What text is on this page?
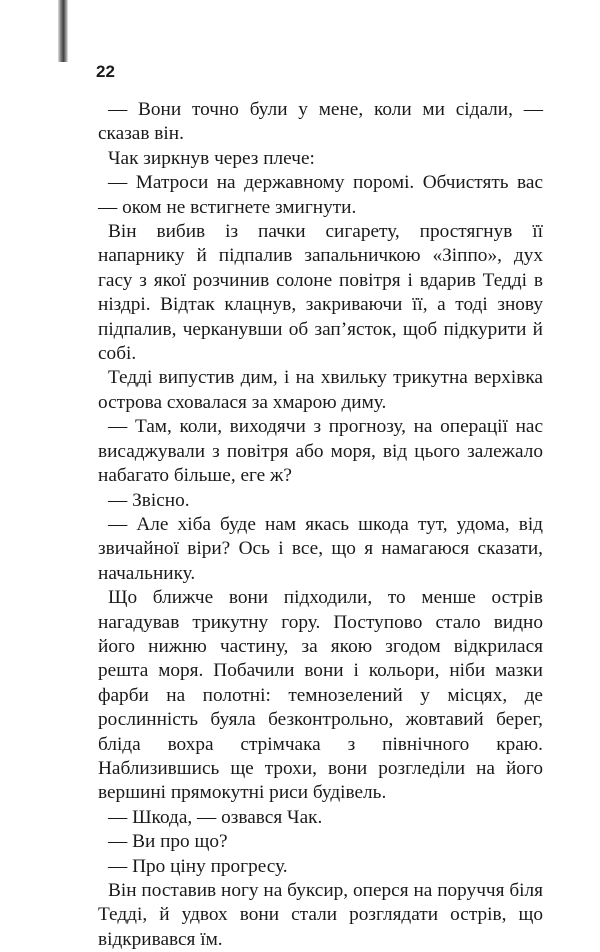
22

— Вони точно були у мене, коли ми сідали, — сказав він.

Чак зиркнув через плече:

— Матроси на державному поромі. Обчистять вас — оком не встигнете змигнути.

Він вибив із пачки сигарету, простягнув її напарнику й підпалив запальничкою «Зіппо», дух гасу з якої розчинив солоне повітря і вдарив Тедді в ніздрі. Відтак клацнув, закриваючи її, а тоді знову підпалив, черканувши об зап’ясток, щоб підкурити й собі.

Тедді випустив дим, і на хвильку трикутна верхівка острова сховалася за хмарою диму.

— Там, коли, виходячи з прогнозу, на операції нас висаджували з повітря або моря, від цього залежало набагато більше, еге ж?

— Звісно.

— Але хіба буде нам якась шкода тут, удома, від звичайної віри? Ось і все, що я намагаюся сказати, начальнику.

Що ближче вони підходили, то менше острів нагадував трикутну гору. Поступово стало видно його нижню частину, за якою згодом відкрилася решта моря. Побачили вони і кольори, ніби мазки фарби на полотні: темнозелений у місцях, де рослинність буяла безконтрольно, жовтавий берег, бліда вохра стрімчака з північного краю. Наблизившись ще трохи, вони розгледіли на його вершині прямокутні риси будівель.

— Шкода, — озвався Чак.

— Ви про що?

— Про ціну прогресу.

Він поставив ногу на буксир, оперся на поруччя біля Тедді, й удвох вони стали розглядати острів, що відкривався їм.
